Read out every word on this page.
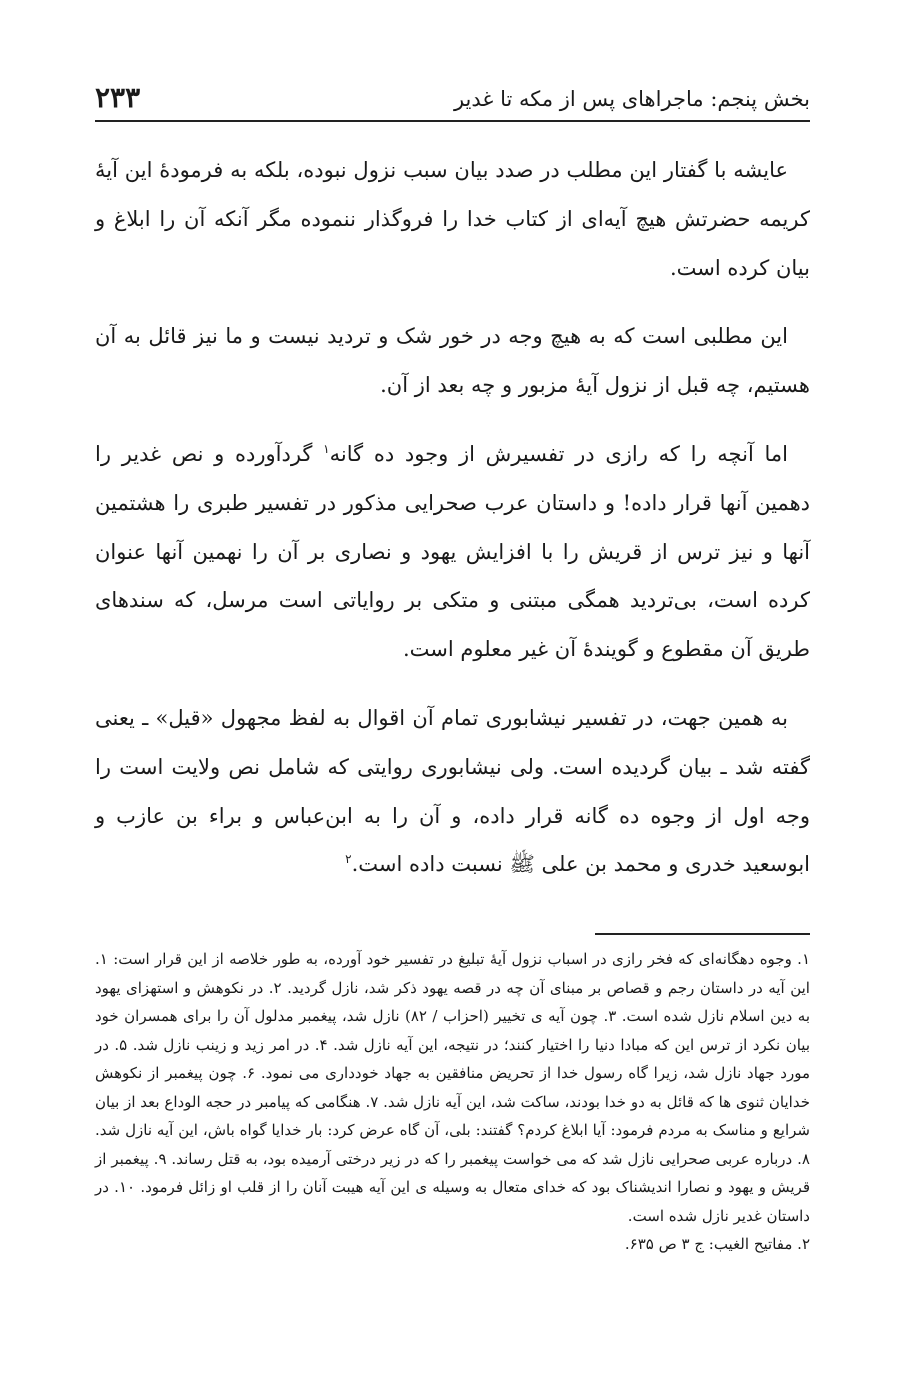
بخش پنجم: ماجراهای پس از مکه تا غدیر
۲۳۳

عایشه با گفتار این مطلب در صدد بیان سبب نزول نبوده، بلکه به فرمودهٔ این آیهٔ کریمه حضرتش هیچ آیه‌ای از کتاب خدا را فروگذار ننموده مگر آنکه آن را ابلاغ و بیان کرده است.

این مطلبی است که به هیچ وجه در خور شک و تردید نیست و ما نیز قائل به آن هستیم، چه قبل از نزول آیهٔ مزبور و چه بعد از آن.

اما آنچه را که رازی در تفسیرش از وجود ده گانه$^۱$ گردآورده و نص غدیر را دهمین آنها قرار داده! و داستان عرب صحرایی مذکور در تفسیر طبری را هشتمین آنها و نیز ترس از قریش را با افزایش یهود و نصاری بر آن را نهمین آنها عنوان کرده است، بی‌تردید همگی مبتنی و متکی بر روایاتی است مرسل، که سندهای طریق آن مقطوع و گویندهٔ آن غیر معلوم است.

به همین جهت، در تفسیر نیشابوری تمام آن اقوال به لفظ مجهول «قیل» ـ یعنی گفته شد ـ بیان گردیده است. ولی نیشابوری روایتی که شامل نص ولایت است را وجه اول از وجوه ده گانه قرار داده، و آن را به ابن‌عباس و براء بن عازب و ابوسعید خدری و محمد بن علی ﷺ نسبت داده است.$^۲$

۱. وجوه دهگانه‌ای که فخر رازی در اسباب نزول آیهٔ تبلیغ در تفسیر خود آورده، به طور خلاصه از این قرار است: ۱. این آیه در داستان رجم و قصاص بر مبنای آن چه در قصه یهود ذکر شد، نازل گردید. ۲. در نکوهش و استهزای یهود به دین اسلام نازل شده است. ۳. چون آیه ی تخییر (احزاب / ۸۲) نازل شد، پیغمبر مدلول آن را برای همسران خود بیان نکرد از ترس این که مبادا دنیا را اختیار کنند؛ در نتیجه، این آیه نازل شد. ۴. در امر زید و زینب نازل شد. ۵. در مورد جهاد نازل شد، زیرا گاه رسول خدا از تحریض منافقین به جهاد خودداری می نمود. ۶. چون پیغمبر از نکوهش خدایان ثنوی ها که قائل به دو خدا بودند، ساکت شد، این آیه نازل شد. ۷. هنگامی که پیامبر در حجه الوداع بعد از بیان شرایع و مناسک به مردم فرمود: آیا ابلاغ کردم؟ گفتند: بلی، آن گاه عرض کرد: بار خدایا گواه باش، این آیه نازل شد. ۸. درباره عربی صحرایی نازل شد که می خواست پیغمبر را که در زیر درختی آرمیده بود، به قتل رساند. ۹. پیغمبر از قریش و یهود و نصارا اندیشناک بود که خدای متعال به وسیله ی این آیه هیبت آنان را از قلب او زائل فرمود. ۱۰. در داستان غدیر نازل شده است.

۲. مفاتیح الغیب: ج ۳ ص ۶۳۵.
